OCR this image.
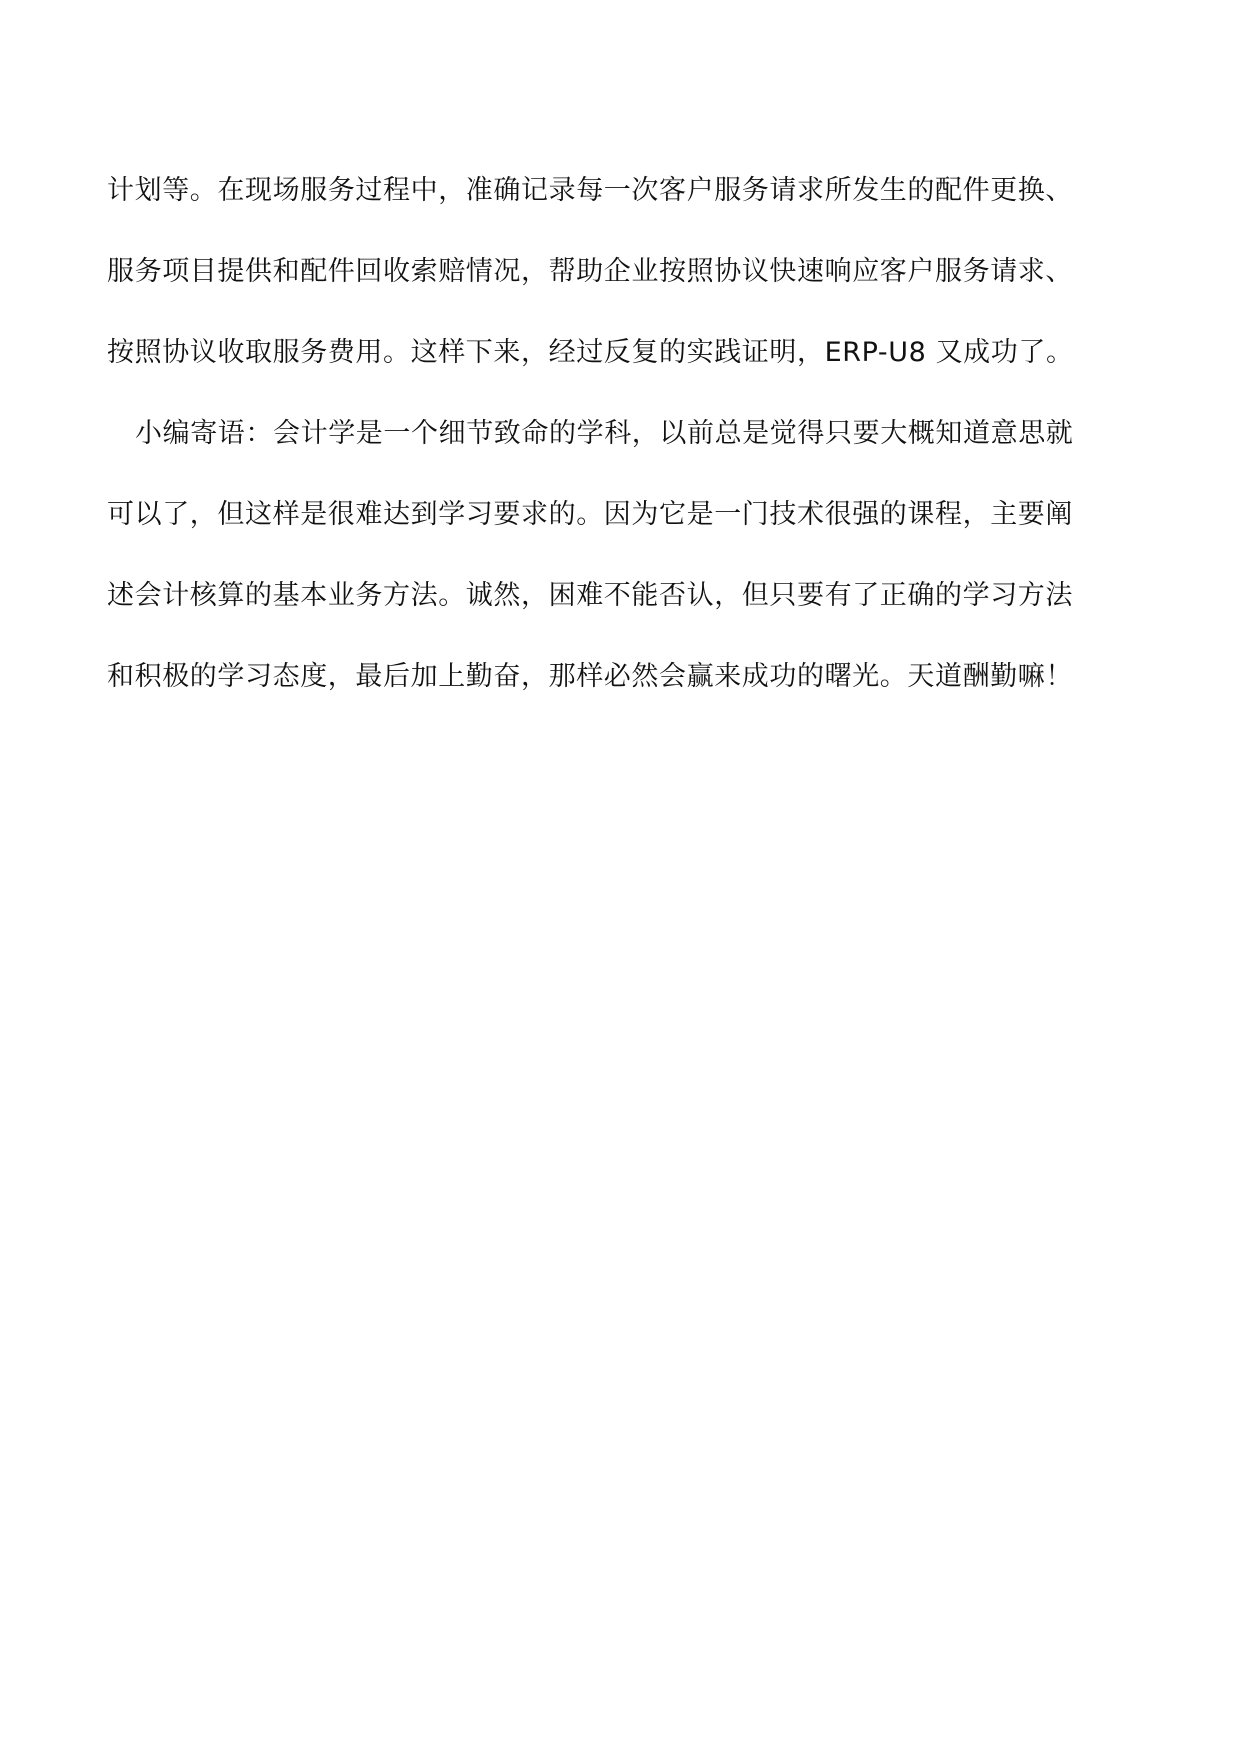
计划等。在现场服务过程中，准确记录每一次客户服务请求所发生的配件更换、
服务项目提供和配件回收索赔情况，帮助企业按照协议快速响应客户服务请求、
按照协议收取服务费用。这样下来，经过反复的实践证明，ERP-U8 又成功了。
小编寄语：会计学是一个细节致命的学科，以前总是觉得只要大概知道意思就
可以了，但这样是很难达到学习要求的。因为它是一门技术很强的课程，主要阐
述会计核算的基本业务方法。诚然，困难不能否认，但只要有了正确的学习方法
和积极的学习态度，最后加上勤奋，那样必然会赢来成功的曙光。天道酬勤嘛！
